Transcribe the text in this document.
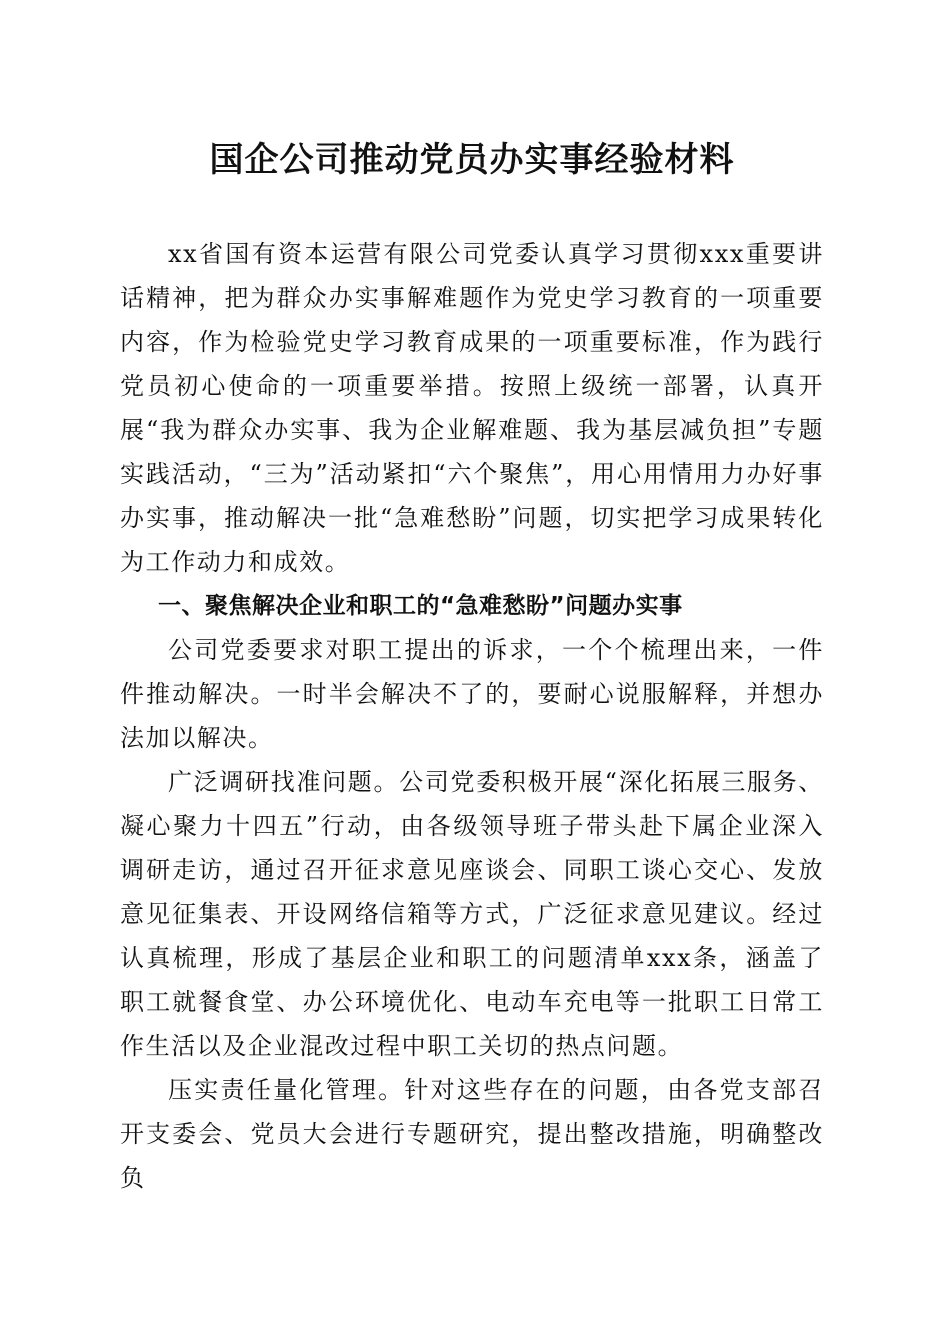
国企公司推动党员办实事经验材料

xx省国有资本运营有限公司党委认真学习贯彻xxx重要讲话精神，把为群众办实事解难题作为党史学习教育的一项重要内容，作为检验党史学习教育成果的一项重要标准，作为践行党员初心使命的一项重要举措。按照上级统一部署，认真开展“我为群众办实事、我为企业解难题、我为基层减负担”专题实践活动，“三为”活动紧扣“六个聚焦”，用心用情用力办好事办实事，推动解决一批“急难愁盼”问题，切实把学习成果转化为工作动力和成效。

一、聚焦解决企业和职工的“急难愁盼”问题办实事

公司党委要求对职工提出的诉求，一个个梳理出来，一件件推动解决。一时半会解决不了的，要耐心说服解释，并想办法加以解决。

广泛调研找准问题。公司党委积极开展“深化拓展三服务、凝心聚力十四五”行动，由各级领导班子带头赴下属企业深入调研走访，通过召开征求意见座谈会、同职工谈心交心、发放意见征集表、开设网络信箱等方式，广泛征求意见建议。经过认真梳理，形成了基层企业和职工的问题清单xxx条，涵盖了职工就餐食堂、办公环境优化、电动车充电等一批职工日常工作生活以及企业混改过程中职工关切的热点问题。

压实责任量化管理。针对这些存在的问题，由各党支部召开支委会、党员大会进行专题研究，提出整改措施，明确整改负
